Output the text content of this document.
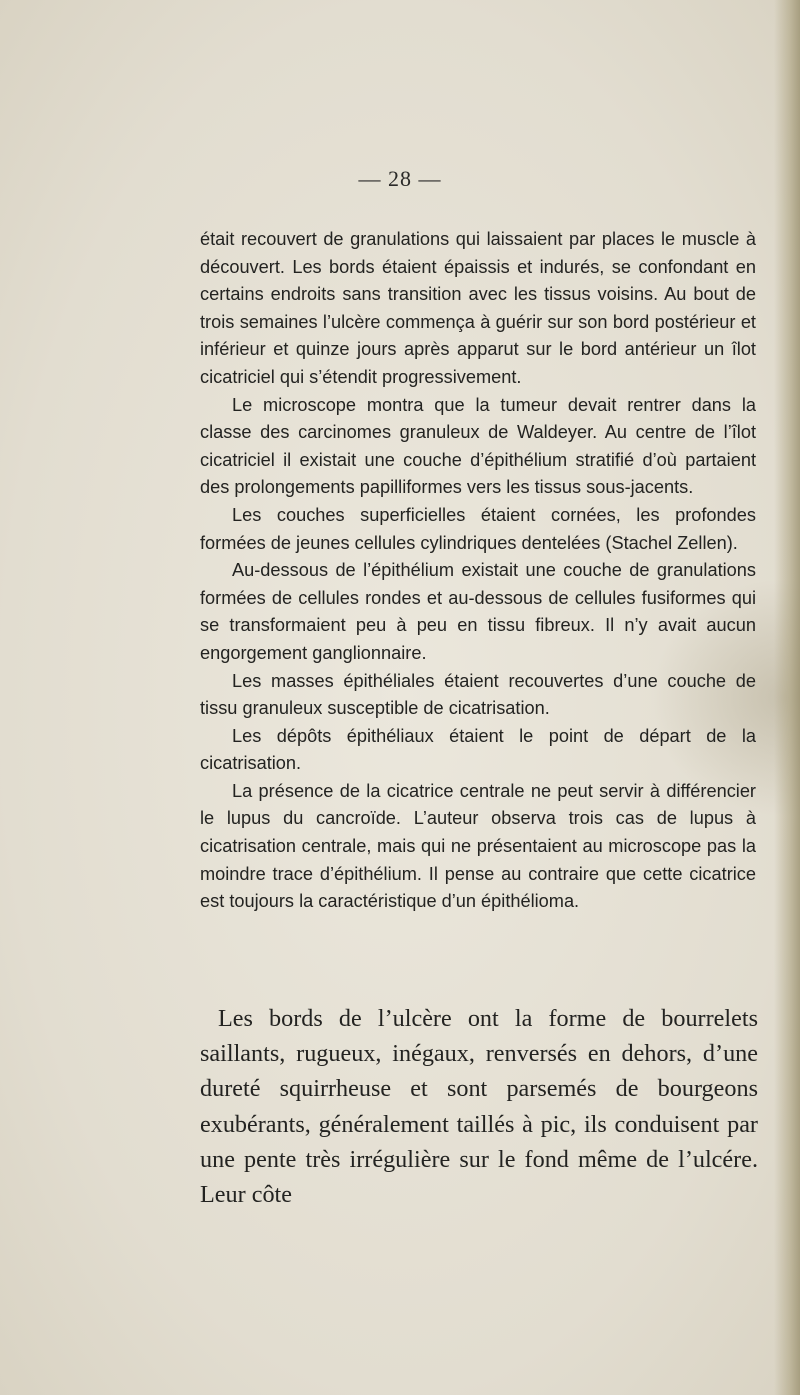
— 28 —

était recouvert de granulations qui laissaient par places le muscle à découvert. Les bords étaient épaissis et indurés, se confondant en certains endroits sans transition avec les tissus voisins. Au bout de trois semaines l’ulcère commença à guérir sur son bord postérieur et inférieur et quinze jours après apparut sur le bord antérieur un îlot cicatriciel qui s’étendit progressivement.

Le microscope montra que la tumeur devait rentrer dans la classe des carcinomes granuleux de Waldeyer. Au centre de l’îlot cicatriciel il existait une couche d’épithélium stratifié d’où partaient des prolongements papilliformes vers les tissus sous-jacents.

Les couches superficielles étaient cornées, les profondes formées de jeunes cellules cylindriques dentelées (Stachel Zellen).

Au-dessous de l’épithélium existait une couche de granulations formées de cellules rondes et au-dessous de cellules fusiformes qui se transformaient peu à peu en tissu fibreux. Il n’y avait aucun engorgement ganglionnaire.

Les masses épithéliales étaient recouvertes d’une couche de tissu granuleux susceptible de cicatrisation.

Les dépôts épithéliaux étaient le point de départ de la cicatrisation.

La présence de la cicatrice centrale ne peut servir à différencier le lupus du cancroïde. L’auteur observa trois cas de lupus à cicatrisation centrale, mais qui ne présentaient au microscope pas la moindre trace d’épithélium. Il pense au contraire que cette cicatrice est toujours la caractéristique d’un épithélioma.

Les bords de l’ulcère ont la forme de bourrelets saillants, rugueux, inégaux, renversés en dehors, d’une dureté squirrheuse et sont parsemés de bourgeons exubérants, généralement taillés à pic, ils conduisent par une pente très irrégulière sur le fond même de l’ulcére. Leur côte
